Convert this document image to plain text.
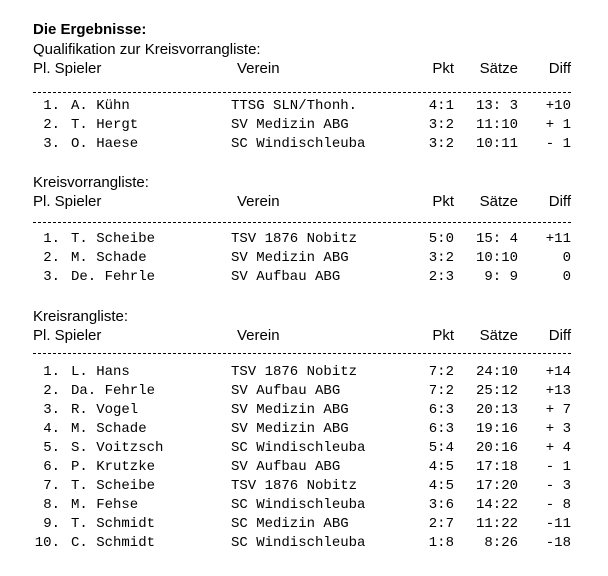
Die Ergebnisse:
Qualifikation zur Kreisvorrangliste:
Pl. Spieler	Verein	Pkt	Sätze	Diff
1. A. Kühn	TTSG SLN/Thonh.	4:1	13: 3	+10
2. T. Hergt	SV Medizin ABG	3:2	11:10	+ 1
3. O. Haese	SC Windischleuba	3:2	10:11	- 1
Kreisvorrangliste:
Pl. Spieler	Verein	Pkt	Sätze	Diff
1. T. Scheibe	TSV 1876 Nobitz	5:0	15: 4	+11
2. M. Schade	SV Medizin ABG	3:2	10:10	0
3. De. Fehrle	SV Aufbau ABG	2:3	9: 9	0
Kreisrangliste:
Pl. Spieler	Verein	Pkt	Sätze	Diff
1. L. Hans	TSV 1876 Nobitz	7:2	24:10	+14
2. Da. Fehrle	SV Aufbau ABG	7:2	25:12	+13
3. R. Vogel	SV Medizin ABG	6:3	20:13	+ 7
4. M. Schade	SV Medizin ABG	6:3	19:16	+ 3
5. S. Voitzsch	SC Windischleuba	5:4	20:16	+ 4
6. P. Krutzke	SV Aufbau ABG	4:5	17:18	- 1
7. T. Scheibe	TSV 1876 Nobitz	4:5	17:20	- 3
8. M. Fehse	SC Windischleuba	3:6	14:22	- 8
9. T. Schmidt	SC Medizin ABG	2:7	11:22	-11
10. C. Schmidt	SC Windischleuba	1:8	8:26	-18
